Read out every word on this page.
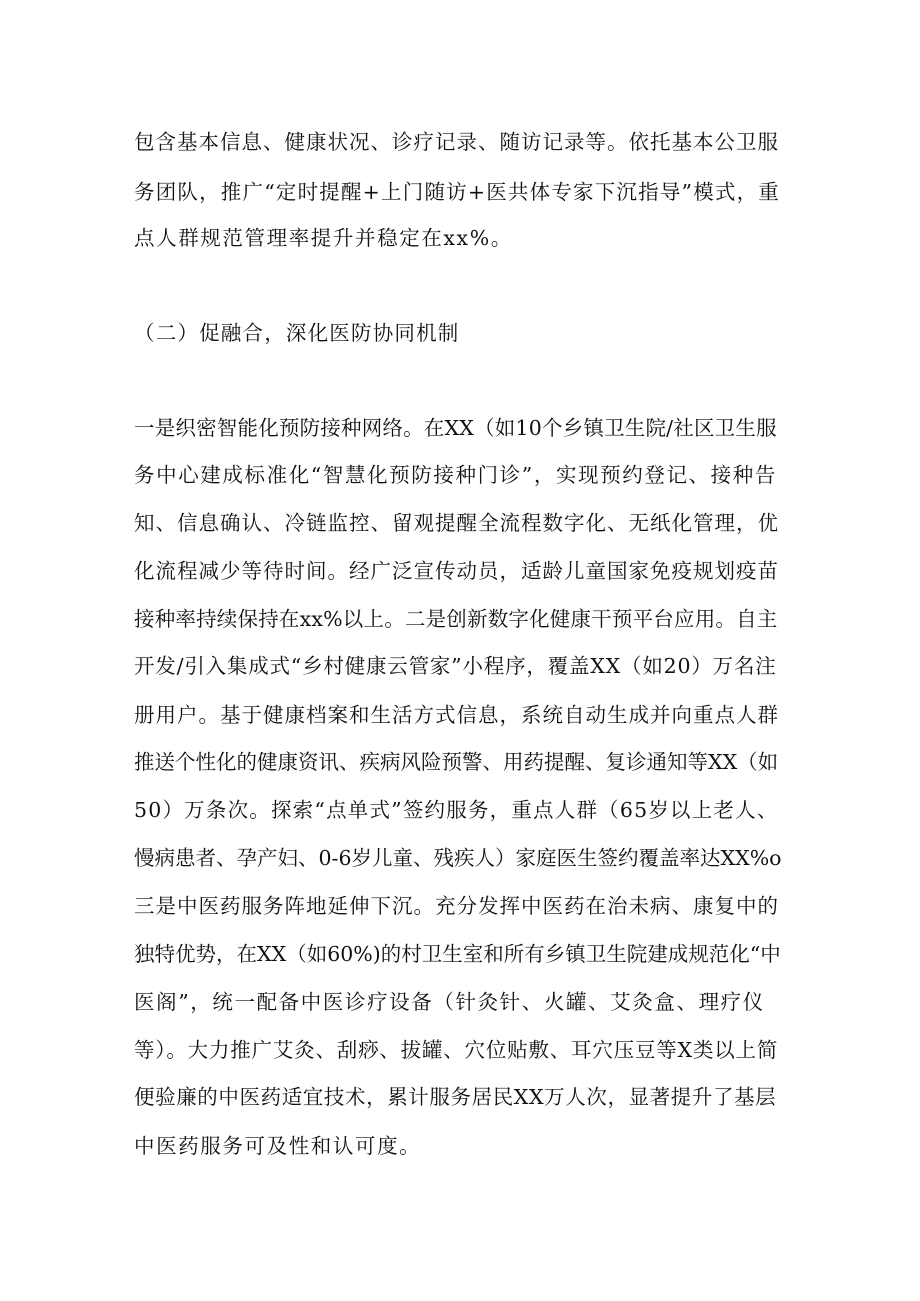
包含基本信息、健康状况、诊疗记录、随访记录等。依托基本公卫服
务团队，推广“定时提醒+上门随访+医共体专家下沉指导”模式，重
点人群规范管理率提升并稳定在xx%。
（二）促融合，深化医防协同机制
一是织密智能化预防接种网络。在XX（如10个乡镇卫生院/社区卫生服
务中心建成标准化“智慧化预防接种门诊”，实现预约登记、接种告
知、信息确认、冷链监控、留观提醒全流程数字化、无纸化管理，优
化流程减少等待时间。经广泛宣传动员，适龄儿童国家免疫规划疫苗
接种率持续保持在xx%以上。二是创新数字化健康干预平台应用。自主
开发/引入集成式“乡村健康云管家”小程序，覆盖XX（如20）万名注
册用户。基于健康档案和生活方式信息，系统自动生成并向重点人群
推送个性化的健康资讯、疾病风险预警、用药提醒、复诊通知等XX（如
50）万条次。探索“点单式”签约服务，重点人群（65岁以上老人、
慢病患者、孕产妇、0-6岁儿童、残疾人）家庭医生签约覆盖率达XX%o
三是中医药服务阵地延伸下沉。充分发挥中医药在治未病、康复中的
独特优势，在XX（如60%)的村卫生室和所有乡镇卫生院建成规范化“中
医阁”，统一配备中医诊疗设备（针灸针、火罐、艾灸盒、理疗仪
等）。大力推广艾灸、刮痧、拔罐、穴位贴敷、耳穴压豆等X类以上简
便验廉的中医药适宜技术，累计服务居民XX万人次，显著提升了基层
中医药服务可及性和认可度。
